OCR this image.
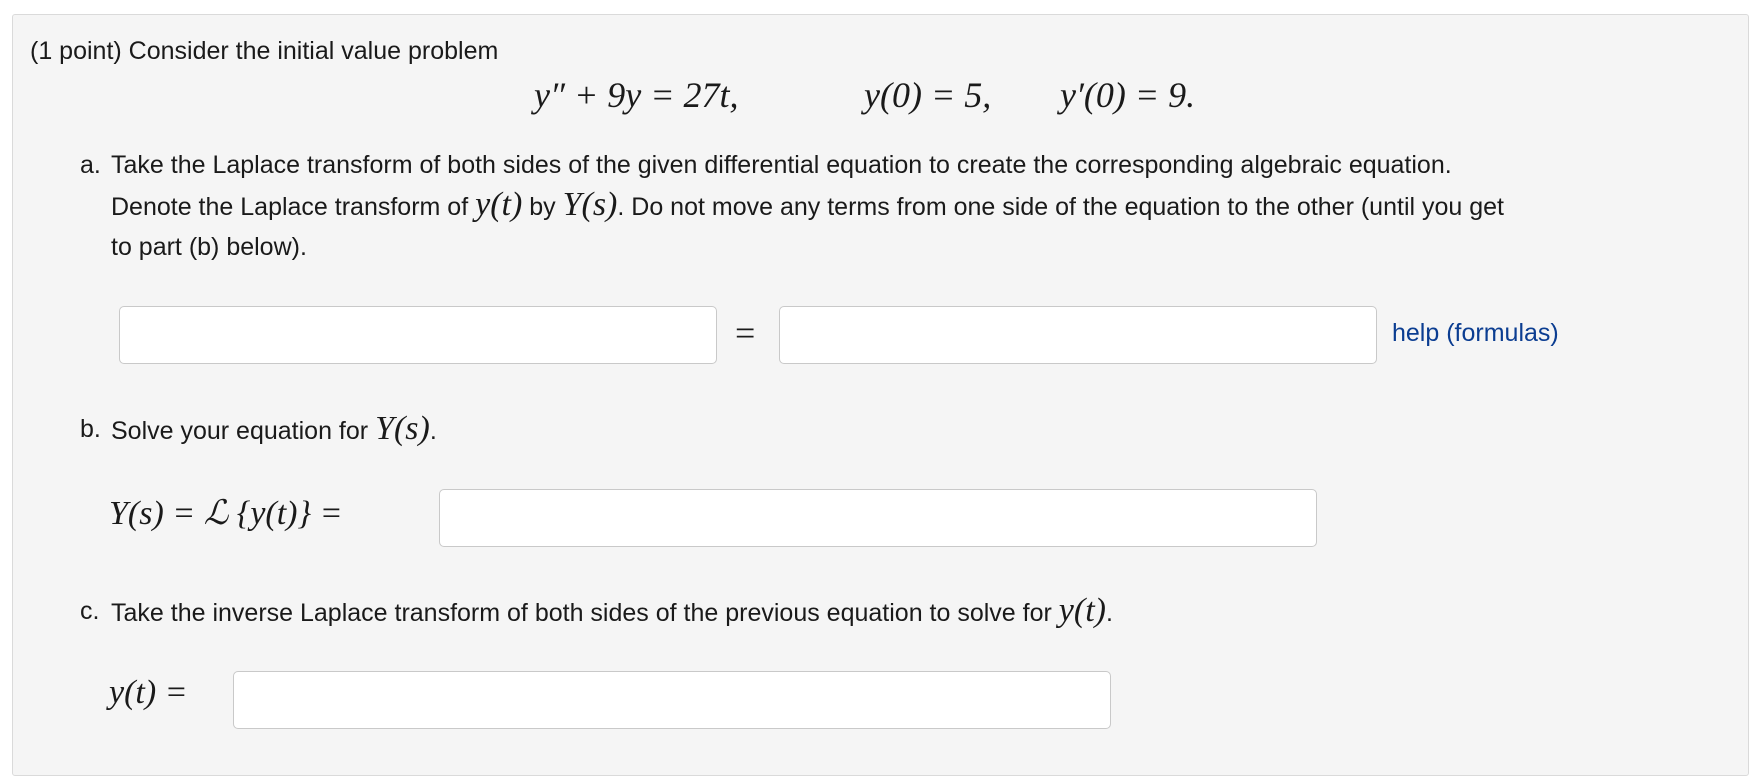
(1 point) Consider the initial value problem
y″ + 9y = 27t,	y(0) = 5, y′(0) = 9.
a. Take the Laplace transform of both sides of the given differential equation to create the corresponding algebraic equation.
Denote the Laplace transform of y(t) by Y(s). Do not move any terms from one side of the equation to the other (until you get
to part (b) below).
=	help (formulas)
b. Solve your equation for Y(s).
Y(s) = ℒ {y(t)} =
c. Take the inverse Laplace transform of both sides of the previous equation to solve for y(t).
y(t) =
